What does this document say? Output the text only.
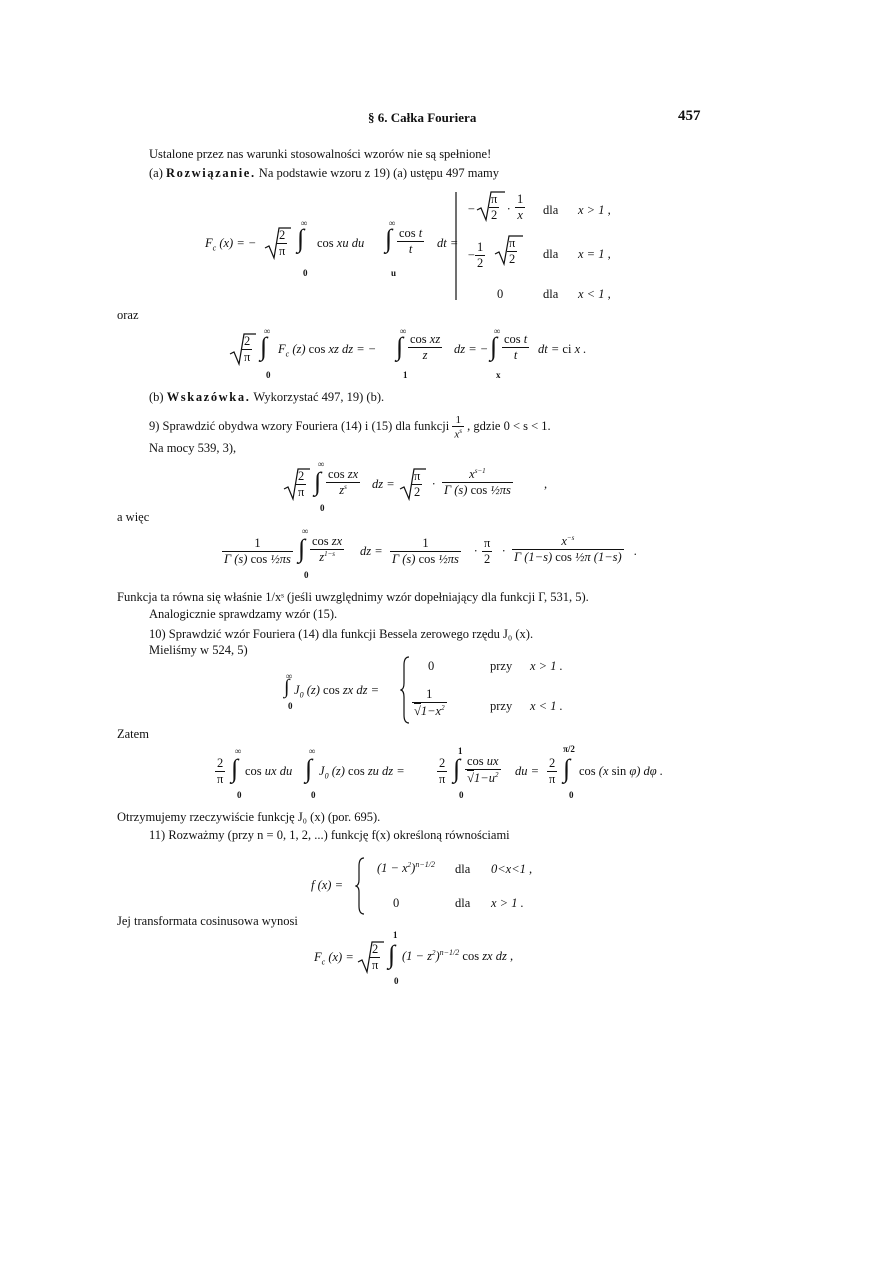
§ 6. Całka Fouriera	457
Ustalone przez nas warunki stosowalności wzorów nie są spełnione!
(a) Rozwiązanie. Na podstawie wzoru z 19) (a) ustępu 497 mamy
$F_c$ (x) = − $\frac{2}{\pi}$ ∫
∞
0
cos xu du ∫
∞
u
$\frac{\text{cos t}}{t}$ dt =
− $\frac{\pi}{2} \cdot \frac{1}{x}$ dla x > 1 ,
− $\frac{1}{2} \frac{\pi}{2}$ dla x = 1 ,
0	dla x < 1 ,
oraz
$\frac{2}{\pi}$ ∫
∞
0
$F_c$ (z) cos xz dz = − ∫
∞
1
$\frac{\text{cos xz}}{z}$ dz = − ∫
∞
x
$\frac{\text{cos t}}{t}$ dt = ci x .
(b) Wskazówka. Wykorzystać 497, 19) (b).
9) Sprawdzić obydwa wzory Fouriera (14) i (15) dla funkcji $\frac{1}{x^s}$ , gdzie 0 < s < 1.
Na mocy 539, 3),
$\frac{2}{\pi}$ ∫
∞
0
$\frac{\text{cos zx}}{z^s}$ dz = $\frac{\pi}{2} \cdot \frac{x^{s-1}}{\text{Γ (s) cos ½πs}}$ ,
a więc
$\frac{1}{\text{Γ (s) cos ½πs}}$ ∫
∞
0
$\frac{\text{cos zx}}{z^{1-s}}$ dz = $\frac{1}{\text{Γ (s) cos ½πs}} \cdot \frac{\pi}{2} \cdot \frac{x^{-s}}{\text{Γ (1−s) cos ½π (1−s)}}$ .
Funkcja ta równa się właśnie 1/xˢ (jeśli uwzględnimy wzór dopełniający dla funkcji Γ, 531, 5).
Analogicznie sprawdzamy wzór (15).
10) Sprawdzić wzór Fouriera (14) dla funkcji Bessela zerowego rzędu J₀ (x).
Mieliśmy w 524, 5)
∞
∫ $J_0$ (z) cos zx dz =
0
0	przy x > 1 .
$\frac{1}{√1-x^2}$	przy x < 1 .
Zatem
$\frac{2}{\pi}$ ∫
∞
0
cos ux du ∫
∞
0
$J_0$ (z) cos zu dz =	$\frac{2}{\pi}$ ∫
1
0
$\frac{\text{cos ux}}{√1-u^2}$ du = $\frac{2}{\pi}$ ∫
π/2
0
cos (x sin φ) dφ .
Otrzymujemy rzeczywiście funkcję J₀ (x) (por. 695).
11) Rozważmy (przy n = 0, 1, 2, ...) funkcję f(x) określoną równościami
f (x) =
$(1 - x^2)^{n-1/2}$ dla 0<x<1 ,
0	dla x > 1 .
Jej transformata cosinusowa wynosi
$F_c$ $(x) = \frac{2}{\pi}$ ∫
1
0
$(1 - z^2)^{n-1/2}$ cos zx dz ,
